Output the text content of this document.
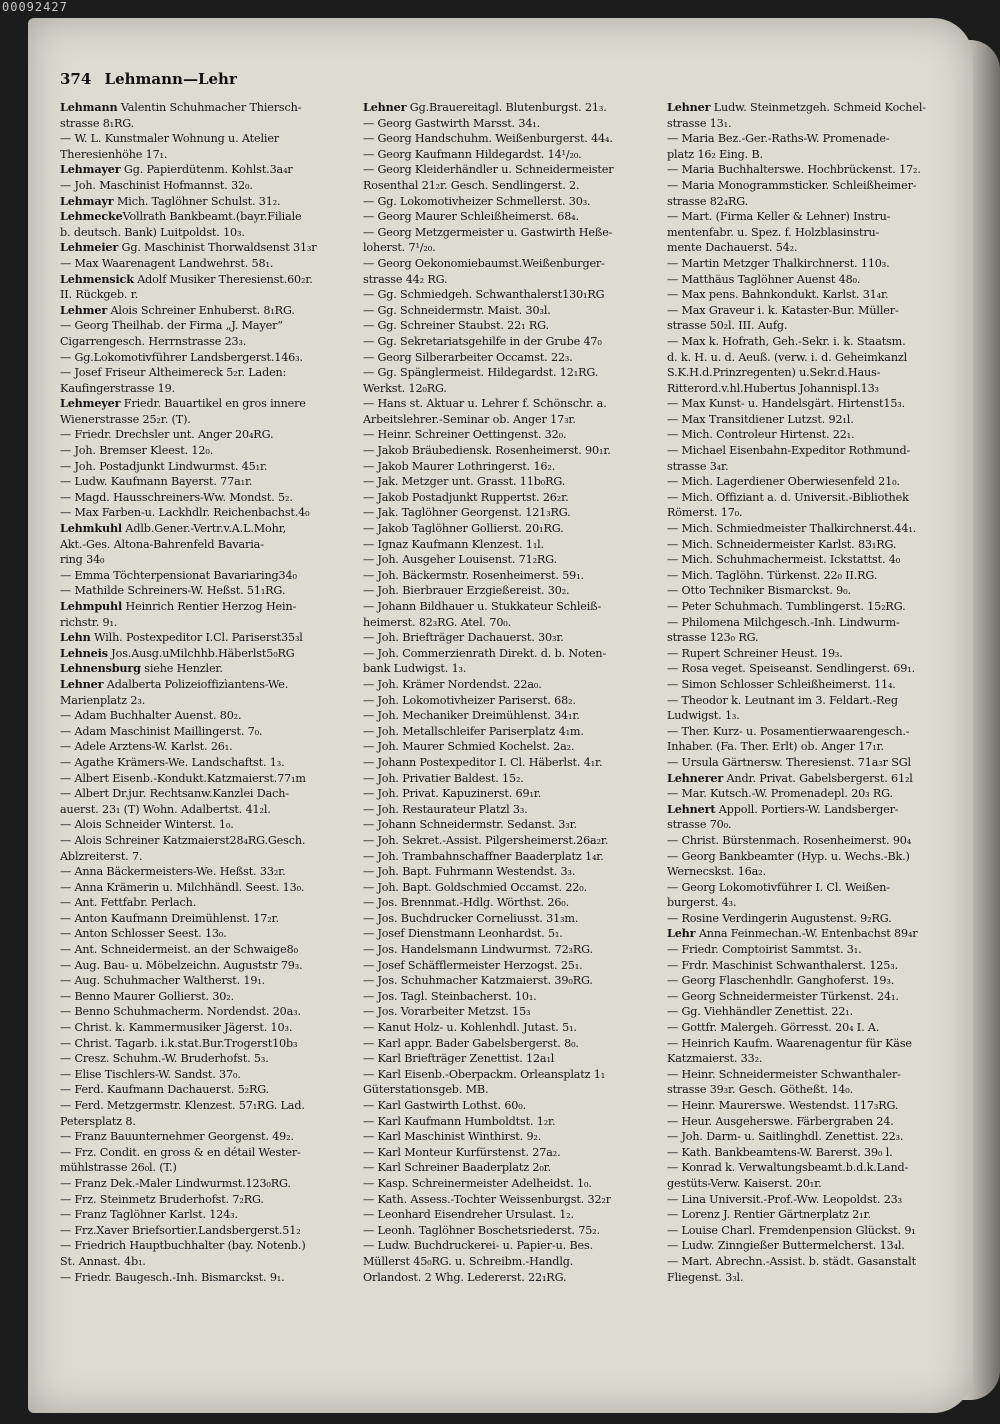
00092427
374 Lehmann—Lehr
Lehmann Valentin Schuhmacher Thiersch-
strasse 8₁RG.
— W. L. Kunstmaler Wohnung u. Atelier
Theresienhöhe 17₁.
Lehmayer Gg. Papierdütenm. Kohlst.3a₄r
— Joh. Maschinist Hofmannst. 32₀.
Lehmayr Mich. Taglöhner Schulst. 31₂.
LehmeckeVollrath Bankbeamt.(bayr.Filiale
b. deutsch. Bank) Luitpoldst. 10₃.
Lehmeier Gg. Maschinist Thorwaldsenst 31₃r
— Max Waarenagent Landwehrst. 58₁.
Lehmensick Adolf Musiker Theresienst.60₂r.
II. Rückgeb. r.
Lehmer Alois Schreiner Enhuberst. 8₁RG.
— Georg Theilhab. der Firma „J. Mayer“
Cigarrengesch. Herrnstrasse 23₃.
— Gg.Lokomotivführer Landsbergerst.146₃.
— Josef Friseur Altheimereck 5₂r. Laden:
Kaufingerstrasse 19.
Lehmeyer Friedr. Bauartikel en gros innere
Wienerstrasse 25₂r. (T).
— Friedr. Drechsler unt. Anger 20₄RG.
— Joh. Bremser Kleest. 12₀.
— Joh. Postadjunkt Lindwurmst. 45₁r.
— Ludw. Kaufmann Bayerst. 77a₁r.
— Magd. Hausschreiners-Ww. Mondst. 5₂.
— Max Farben-u. Lackhdlr. Reichenbachst.4₀
Lehmkuhl Adlb.Gener.-Vertr.v.A.L.Mohr,
Akt.-Ges. Altona-Bahrenfeld Bavaria-
ring 34₀
— Emma Töchterpensionat Bavariaring34₀
— Mathilde Schreiners-W. Heßst. 51₁RG.
Lehmpuhl Heinrich Rentier Herzog Hein-
richstr. 9₁.
Lehn Wilh. Postexpeditor I.Cl. Pariserst35₃l
Lehneis Jos.Ausg.uMilchhb.Häberlst5₀RG
Lehnensburg siehe Henzler.
Lehner Adalberta Polizeioffizìantens-We.
Marienplatz 2₃.
— Adam Buchhalter Auenst. 80₂.
— Adam Maschinist Maillingerst. 7₀.
— Adele Arztens-W. Karlst. 26₁.
— Agathe Krämers-We. Landschaftst. 1₃.
— Albert Eisenb.-Kondukt.Katzmaierst.77₁m
— Albert Dr.jur. Rechtsanw.Kanzlei Dach-
auerst. 23₁ (T) Wohn. Adalbertst. 41₂l.
— Alois Schneider Winterst. 1₀.
— Alois Schreiner Katzmaierst28₄RG.Gesch.
Ablzreiterst. 7.
— Anna Bäckermeisters-We. Heßst. 33₂r.
— Anna Krämerin u. Milchhändl. Seest. 13₀.
— Ant. Fettfabr. Perlach.
— Anton Kaufmann Dreimühlenst. 17₂r.
— Anton Schlosser Seest. 13₀.
— Ant. Schneidermeist. an der Schwaige8₀
— Aug. Bau- u. Möbelzeichn. Auguststr 79₃.
— Aug. Schuhmacher Waltherst. 19₁.
— Benno Maurer Gollierst. 30₂.
— Benno Schuhmacherm. Nordendst. 20a₃.
— Christ. k. Kammermusiker Jägerst. 10₃.
— Christ. Tagarb. i.k.stat.Bur.Trogerst10b₃
— Cresz. Schuhm.-W. Bruderhofst. 5₃.
— Elise Tischlers-W. Sandst. 37₀.
— Ferd. Kaufmann Dachauerst. 5₂RG.
— Ferd. Metzgermstr. Klenzest. 57₁RG. Lad.
Petersplatz 8.
— Franz Bauunternehmer Georgenst. 49₂.
— Frz. Condit. en gross & en détail Wester-
mühlstrasse 26₀l. (T.)
— Franz Dek.-Maler Lindwurmst.123₀RG.
— Frz. Steinmetz Bruderhofst. 7₂RG.
— Franz Taglöhner Karlst. 124₃.
— Frz.Xaver Briefsortier.Landsbergerst.51₂
— Friedrich Hauptbuchhalter (bay. Notenb.)
St. Annast. 4b₁.
— Friedr. Baugesch.-Inh. Bismarckst. 9₁.
Lehner Gg.Brauereitagl. Blutenburgst. 21₃.
— Georg Gastwirth Marsst. 34₁.
— Georg Handschuhm. Weißenburgerst. 44₄.
— Georg Kaufmann Hildegardst. 14¹/₂₀.
— Georg Kleiderhändler u. Schneidermeister
Rosenthal 21₂r. Gesch. Sendlingerst. 2.
— Gg. Lokomotivheizer Schmellerst. 30₃.
— Georg Maurer Schleißheimerst. 68₄.
— Georg Metzgermeister u. Gastwirth Heße-
loherst. 7¹/₂₀.
— Georg Oekonomiebaumst.Weißenburger-
strasse 44₂ RG.
— Gg. Schmiedgeh. Schwanthalerst130₁RG
— Gg. Schneidermstr. Maist. 30₃l.
— Gg. Schreiner Staubst. 22₁ RG.
— Gg. Sekretariatsgehilfe in der Grube 47₀
— Georg Silberarbeiter Occamst. 22₃.
— Gg. Spänglermeist. Hildegardst. 12₁RG.
Werkst. 12₀RG.
— Hans st. Aktuar u. Lehrer f. Schönschr. a.
Arbeitslehrer.-Seminar ob. Anger 17₃r.
— Heinr. Schreiner Oettingenst. 32₀.
— Jakob Bräubediensk. Rosenheimerst. 90₁r.
— Jakob Maurer Lothringerst. 16₂.
— Jak. Metzger unt. Grasst. 11b₀RG.
— Jakob Postadjunkt Ruppertst. 26₂r.
— Jak. Taglöhner Georgenst. 121₃RG.
— Jakob Taglöhner Gollierst. 20₁RG.
— Ignaz Kaufmann Klenzest. 1₁l.
— Joh. Ausgeher Louisenst. 71₂RG.
— Joh. Bäckermstr. Rosenheimerst. 59₁.
— Joh. Bierbrauer Erzgießereist. 30₂.
— Johann Bildhauer u. Stukkateur Schleiß-
heimerst. 82₃RG. Atel. 70₀.
— Joh. Briefträger Dachauerst. 30₃r.
— Joh. Commerzienrath Direkt. d. b. Noten-
bank Ludwigst. 1₃.
— Joh. Krämer Nordendst. 22a₀.
— Joh. Lokomotivheizer Pariserst. 68₂.
— Joh. Mechaniker Dreimühlenst. 34₁r.
— Joh. Metallschleifer Pariserplatz 4₁m.
— Joh. Maurer Schmied Kochelst. 2a₂.
— Johann Postexpeditor I. Cl. Häberlst. 4₁r.
— Joh. Privatier Baldest. 15₂.
— Joh. Privat. Kapuzinerst. 69₁r.
— Joh. Restaurateur Platzl 3₃.
— Johann Schneidermstr. Sedanst. 3₃r.
— Joh. Sekret.-Assist. Pilgersheimerst.26a₂r.
— Joh. Trambahnschaffner Baaderplatz 1₄r.
— Joh. Bapt. Fuhrmann Westendst. 3₃.
— Joh. Bapt. Goldschmied Occamst. 22₀.
— Jos. Brennmat.-Hdlg. Wörthst. 26₀.
— Jos. Buchdrucker Corneliusst. 31₃m.
— Josef Dienstmann Leonhardst. 5₁.
— Jos. Handelsmann Lindwurmst. 72₃RG.
— Josef Schäfflermeister Herzogst. 25₁.
— Jos. Schuhmacher Katzmaierst. 39₀RG.
— Jos. Tagl. Steinbacherst. 10₁.
— Jos. Vorarbeiter Metzst. 15₃
— Kanut Holz- u. Kohlenhdl. Jutast. 5₁.
— Karl appr. Bader Gabelsbergerst. 8₀.
— Karl Briefträger Zenettist. 12a₁l
— Karl Eisenb.-Oberpackm. Orleansplatz 1₁
Güterstationsgeb. MB.
— Karl Gastwirth Lothst. 60₀.
— Karl Kaufmann Humboldtst. 1₂r.
— Karl Maschinist Winthirst. 9₂.
— Karl Monteur Kurfürstenst. 27a₂.
— Karl Schreiner Baaderplatz 2₀r.
— Kasp. Schreinermeister Adelheidst. 1₀.
— Kath. Assess.-Tochter Weissenburgst. 32₂r
— Leonhard Eisendreher Ursulast. 1₂.
— Leonh. Taglöhner Boschetsriederst. 75₂.
— Ludw. Buchdruckerei- u. Papier-u. Bes.
Müllerst 45₀RG. u. Schreibm.-Handlg.
Orlandost. 2 Whg. Ledererst. 22₁RG.
Lehner Ludw. Steinmetzgeh. Schmeid Kochel-
strasse 13₁.
— Maria Bez.-Ger.-Raths-W. Promenade-
platz 16₂ Eing. B.
— Maria Buchhalterswe. Hochbrückenst. 17₂.
— Maria Monogrammsticker. Schleißheimer-
strasse 82₄RG.
— Mart. (Firma Keller & Lehner) Instru-
mentenfabr. u. Spez. f. Holzblasinstru-
mente Dachauerst. 54₂.
— Martin Metzger Thalkirchnerst. 110₃.
— Matthäus Taglöhner Auenst 48₀.
— Max pens. Bahnkondukt. Karlst. 31₄r.
— Max Graveur i. k. Kataster-Bur. Müller-
strasse 50₂l. III. Aufg.
— Max k. Hofrath, Geh.-Sekr. i. k. Staatsm.
d. k. H. u. d. Aeuß. (verw. i. d. Geheimkanzl
S.K.H.d.Prinzregenten) u.Sekr.d.Haus-
Ritterord.v.hl.Hubertus Johannispl.13₃
— Max Kunst- u. Handelsgärt. Hirtenst15₃.
— Max Transitdiener Lutzst. 92₁l.
— Mich. Controleur Hirtenst. 22₁.
— Michael Eisenbahn-Expeditor Rothmund-
strasse 3₄r.
— Mich. Lagerdiener Oberwiesenfeld 21₀.
— Mich. Offiziant a. d. Universit.-Bibliothek
Römerst. 17₀.
— Mich. Schmiedmeister Thalkirchnerst.44₁.
— Mich. Schneidermeister Karlst. 83₁RG.
— Mich. Schuhmachermeist. Ickstattst. 4₀
— Mich. Taglöhn. Türkenst. 22₀ II.RG.
— Otto Techniker Bismarckst. 9₀.
— Peter Schuhmach. Tumblingerst. 15₂RG.
— Philomena Milchgesch.-Inh. Lindwurm-
strasse 123₀ RG.
— Rupert Schreiner Heust. 19₃.
— Rosa veget. Speiseanst. Sendlingerst. 69₁.
— Simon Schlosser Schleißheimerst. 11₄.
— Theodor k. Leutnant im 3. Feldart.-Reg
Ludwigst. 1₃.
— Ther. Kurz- u. Posamentierwaarengesch.-
Inhaber. (Fa. Ther. Erlt) ob. Anger 17₁r.
— Ursula Gärtnersw. Theresienst. 71a₃r SGl
Lehnerer Andr. Privat. Gabelsbergerst. 61₂l
— Mar. Kutsch.-W. Promenadepl. 20₃ RG.
Lehnert Appoll. Portiers-W. Landsberger-
strasse 70₀.
— Christ. Bürstenmach. Rosenheimerst. 90₄
— Georg Bankbeamter (Hyp. u. Wechs.-Bk.)
Wernecskst. 16a₂.
— Georg Lokomotivführer I. Cl. Weißen-
burgerst. 4₃.
— Rosine Verdingerin Augustenst. 9₂RG.
Lehr Anna Feinmechan.-W. Entenbachst 89₄r
— Friedr. Comptoirist Sammtst. 3₁.
— Frdr. Maschinist Schwanthalerst. 125₃.
— Georg Flaschenhdlr. Ganghoferst. 19₃.
— Georg Schneidermeister Türkenst. 24₁.
— Gg. Viehhändler Zenettist. 22₁.
— Gottfr. Malergeh. Görresst. 20₄ I. A.
— Heinrich Kaufm. Waarenagentur für Käse
Katzmaierst. 33₂.
— Heinr. Schneidermeister Schwanthaler-
strasse 39₃r. Gesch. Götheßt. 14₀.
— Heinr. Maurerswe. Westendst. 117₃RG.
— Heur. Ausgeherswe. Färbergraben 24.
— Joh. Darm- u. Saitlinghdl. Zenettist. 22₃.
— Kath. Bankbeamtens-W. Barerst. 39₀ l.
— Konrad k. Verwaltungsbeamt.b.d.k.Land-
gestüts-Verw. Kaiserst. 20₁r.
— Lina Universit.-Prof.-Ww. Leopoldst. 23₃
— Lorenz J. Rentier Gärtnerplatz 2₁r.
— Louise Charl. Fremdenpension Glückst. 9₁
— Ludw. Zinngießer Buttermelcherst. 13₄l.
— Mart. Abrechn.-Assist. b. städt. Gasanstalt
Fliegenst. 3₃l.
